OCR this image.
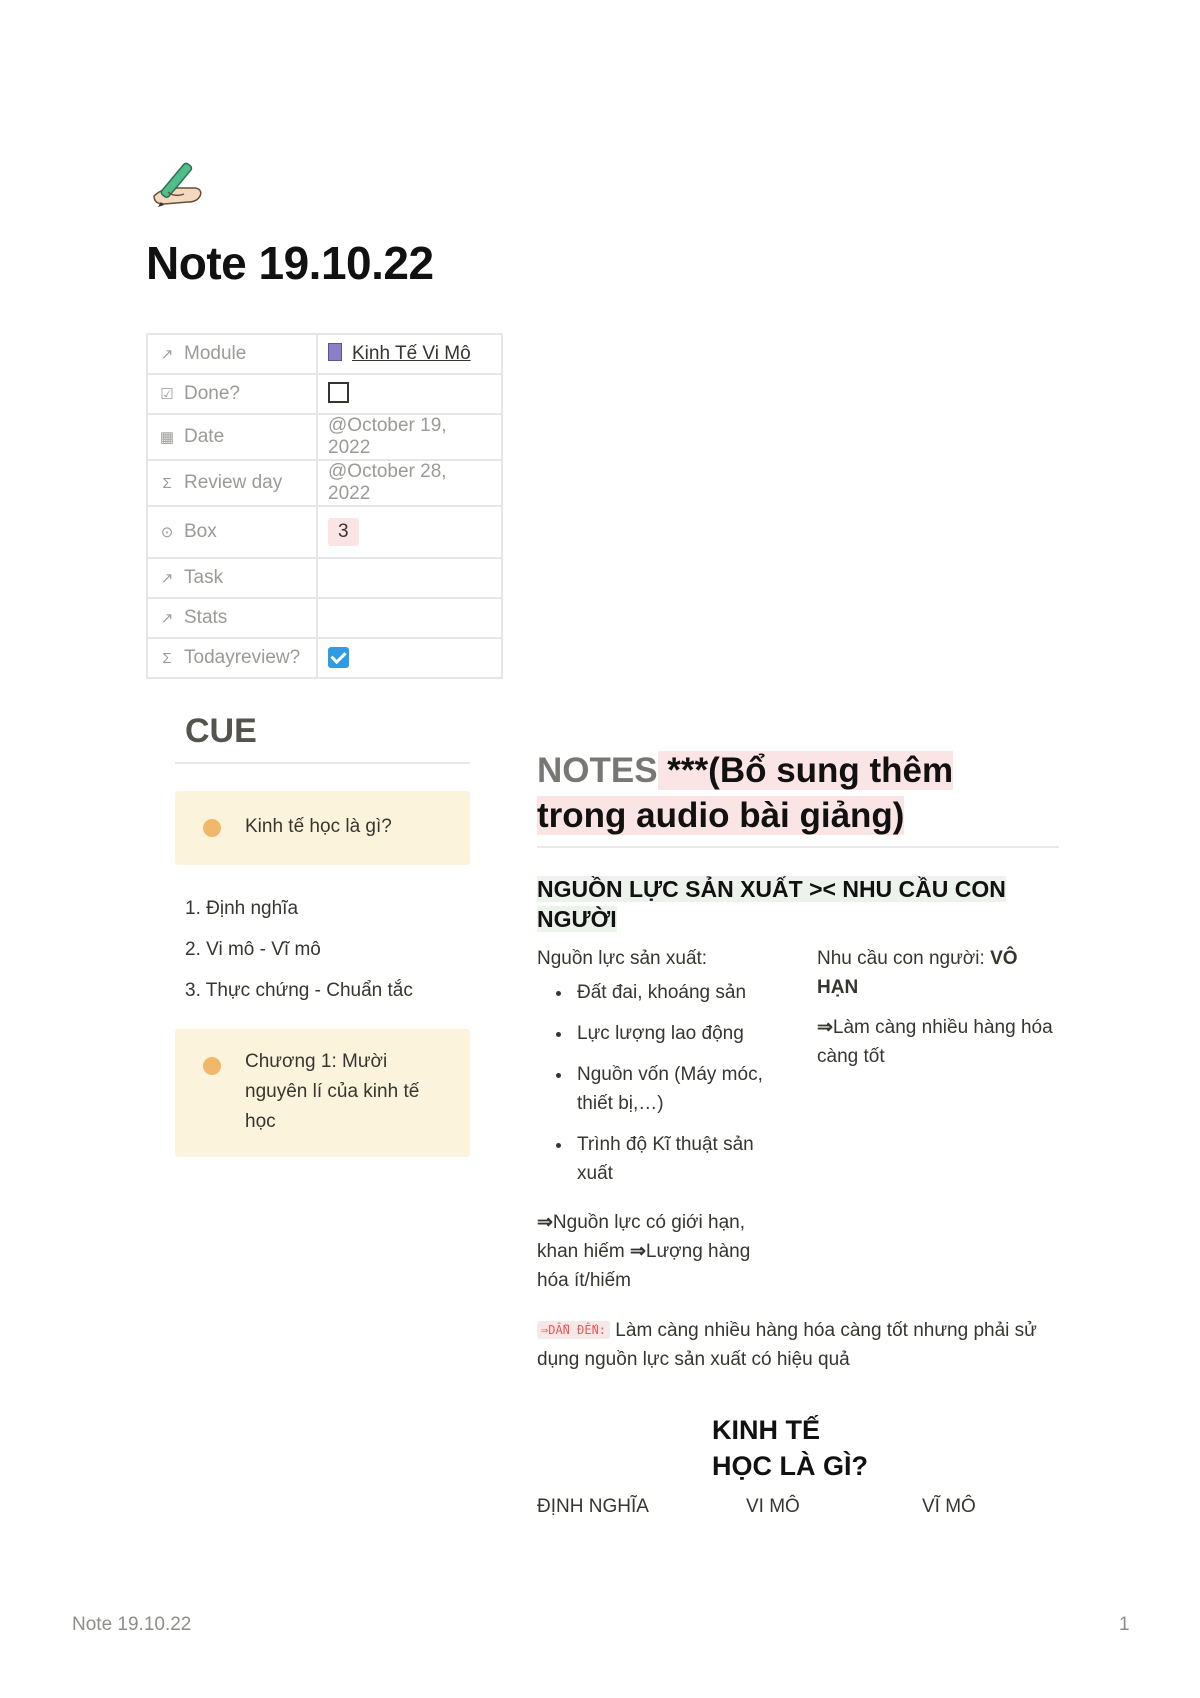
Note 19.10.22
↗ Module	Kinh Tế Vi Mô
☑ Done?	
▦ Date	@October 19, 2022
Σ Review day	@October 28, 2022
⊙ Box	3
↗ Task	
↗ Stats	
Σ Todayreview?	
CUE
Kinh tế học là gì?
1. Định nghĩa
2. Vi mô - Vĩ mô
3. Thực chứng - Chuẩn tắc
Chương 1: Mười
nguyên lí của kinh tế
học
NOTES ***(Bổ sung thêm
trong audio bài giảng)
NGUỒN LỰC SẢN XUẤT >< NHU CẦU CON
NGƯỜI
Nguồn lực sản xuất:
• Đất đai, khoáng sản
• Lực lượng lao động
• Nguồn vốn (Máy móc, thiết bị,…)
• Trình độ Kĩ thuật sản xuất
⇒Nguồn lực có giới hạn, khan hiếm ⇒Lượng hàng hóa ít/hiếm

Nhu cầu con người: VÔ HẠN

⇒Làm càng nhiều hàng hóa càng tốt

⇒DẪN ĐẾN: Làm càng nhiều hàng hóa càng tốt nhưng phải sử dụng nguồn lực sản xuất có hiệu quả
KINH TẾ
HỌC LÀ GÌ?
ĐỊNH NGHĨA	VI MÔ	VĨ MÔ
Note 19.10.22	1
